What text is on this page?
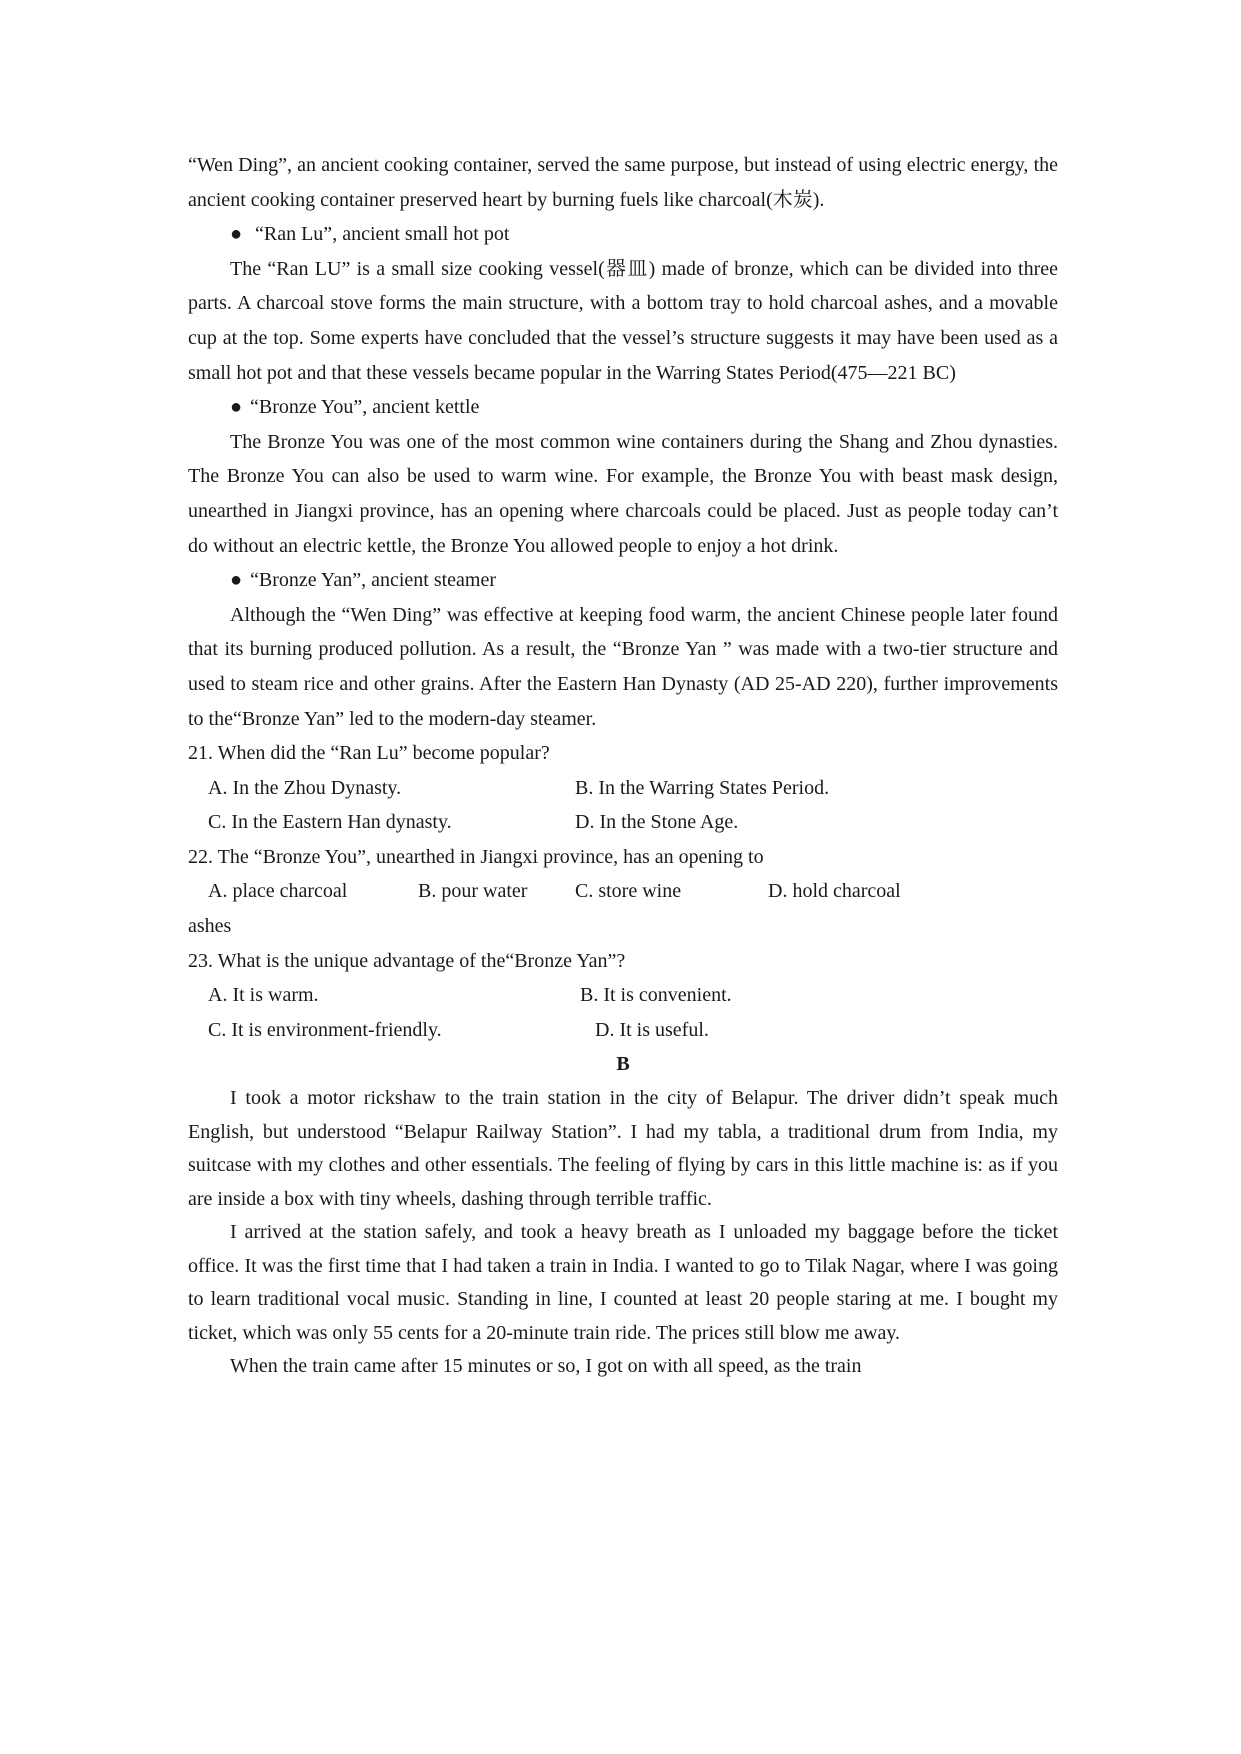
“Wen Ding”, an ancient cooking container, served the same purpose, but instead of using electric energy, the ancient cooking container preserved heart by burning fuels like charcoal(木炭).

● “Ran Lu”, ancient small hot pot

The “Ran LU” is a small size cooking vessel(器皿) made of bronze, which can be divided into three parts. A charcoal stove forms the main structure, with a bottom tray to hold charcoal ashes, and a movable cup at the top. Some experts have concluded that the vessel’s structure suggests it may have been used as a small hot pot and that these vessels became popular in the Warring States Period(475—221 BC)

● “Bronze You”, ancient kettle

The Bronze You was one of the most common wine containers during the Shang and Zhou dynasties. The Bronze You can also be used to warm wine. For example, the Bronze You with beast mask design, unearthed in Jiangxi province, has an opening where charcoals could be placed. Just as people today can’t do without an electric kettle, the Bronze You allowed people to enjoy a hot drink.

● “Bronze Yan”, ancient steamer

Although the “Wen Ding” was effective at keeping food warm, the ancient Chinese people later found that its burning produced pollution. As a result, the “Bronze Yan ” was made with a two-tier structure and used to steam rice and other grains. After the Eastern Han Dynasty (AD 25-AD 220), further improvements to the“Bronze Yan” led to the modern-day steamer.

21. When did the “Ran Lu” become popular?

A. In the Zhou Dynasty.	B. In the Warring States Period.
C. In the Eastern Han dynasty.	D. In the Stone Age.

22. The “Bronze You”, unearthed in Jiangxi province, has an opening to

A. place charcoal	B. pour water	C. store wine	D. hold charcoal

ashes

23. What is the unique advantage of the“Bronze Yan”?

A. It is warm.	B. It is convenient.
C. It is environment-friendly.	D. It is useful.

B

I took a motor rickshaw to the train station in the city of Belapur. The driver didn’t speak much English, but understood “Belapur Railway Station”. I had my tabla, a traditional drum from India, my suitcase with my clothes and other essentials. The feeling of flying by cars in this little machine is: as if you are inside a box with tiny wheels, dashing through terrible traffic.

I arrived at the station safely, and took a heavy breath as I unloaded my baggage before the ticket office. It was the first time that I had taken a train in India. I wanted to go to Tilak Nagar, where I was going to learn traditional vocal music. Standing in line, I counted at least 20 people staring at me. I bought my ticket, which was only 55 cents for a 20-minute train ride. The prices still blow me away.

When the train came after 15 minutes or so, I got on with all speed, as the train
